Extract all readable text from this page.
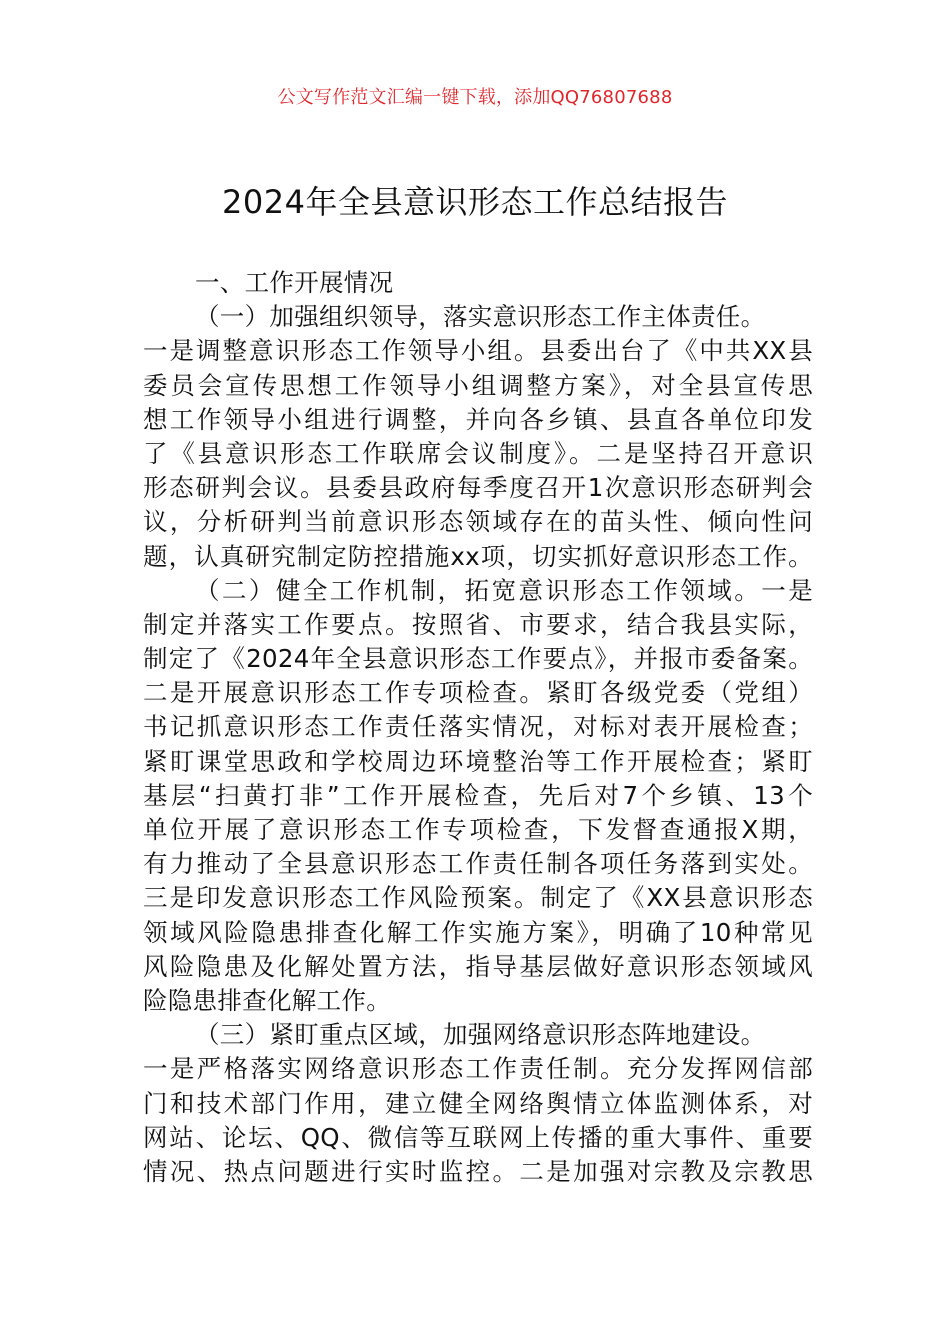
公文写作范文汇编一键下载，添加QQ76807688
2024年全县意识形态工作总结报告
一、工作开展情况
（一）加强组织领导，落实意识形态工作主体责任。
一是调整意识形态工作领导小组。县委出台了《中共XX县
委员会宣传思想工作领导小组调整方案》，对全县宣传思
想工作领导小组进行调整，并向各乡镇、县直各单位印发
了《县意识形态工作联席会议制度》。二是坚持召开意识
形态研判会议。县委县政府每季度召开1次意识形态研判会
议，分析研判当前意识形态领域存在的苗头性、倾向性问
题，认真研究制定防控措施xx项，切实抓好意识形态工作。
（二）健全工作机制，拓宽意识形态工作领域。一是
制定并落实工作要点。按照省、市要求，结合我县实际，
制定了《2024年全县意识形态工作要点》，并报市委备案。
二是开展意识形态工作专项检查。紧盯各级党委（党组）
书记抓意识形态工作责任落实情况，对标对表开展检查；
紧盯课堂思政和学校周边环境整治等工作开展检查；紧盯
基层“扫黄打非”工作开展检查，先后对7个乡镇、13个
单位开展了意识形态工作专项检查，下发督查通报X期，
有力推动了全县意识形态工作责任制各项任务落到实处。
三是印发意识形态工作风险预案。制定了《XX县意识形态
领域风险隐患排查化解工作实施方案》，明确了10种常见
风险隐患及化解处置方法，指导基层做好意识形态领域风
险隐患排查化解工作。
（三）紧盯重点区域，加强网络意识形态阵地建设。
一是严格落实网络意识形态工作责任制。充分发挥网信部
门和技术部门作用，建立健全网络舆情立体监测体系，对
网站、论坛、QQ、微信等互联网上传播的重大事件、重要
情况、热点问题进行实时监控。二是加强对宗教及宗教思
